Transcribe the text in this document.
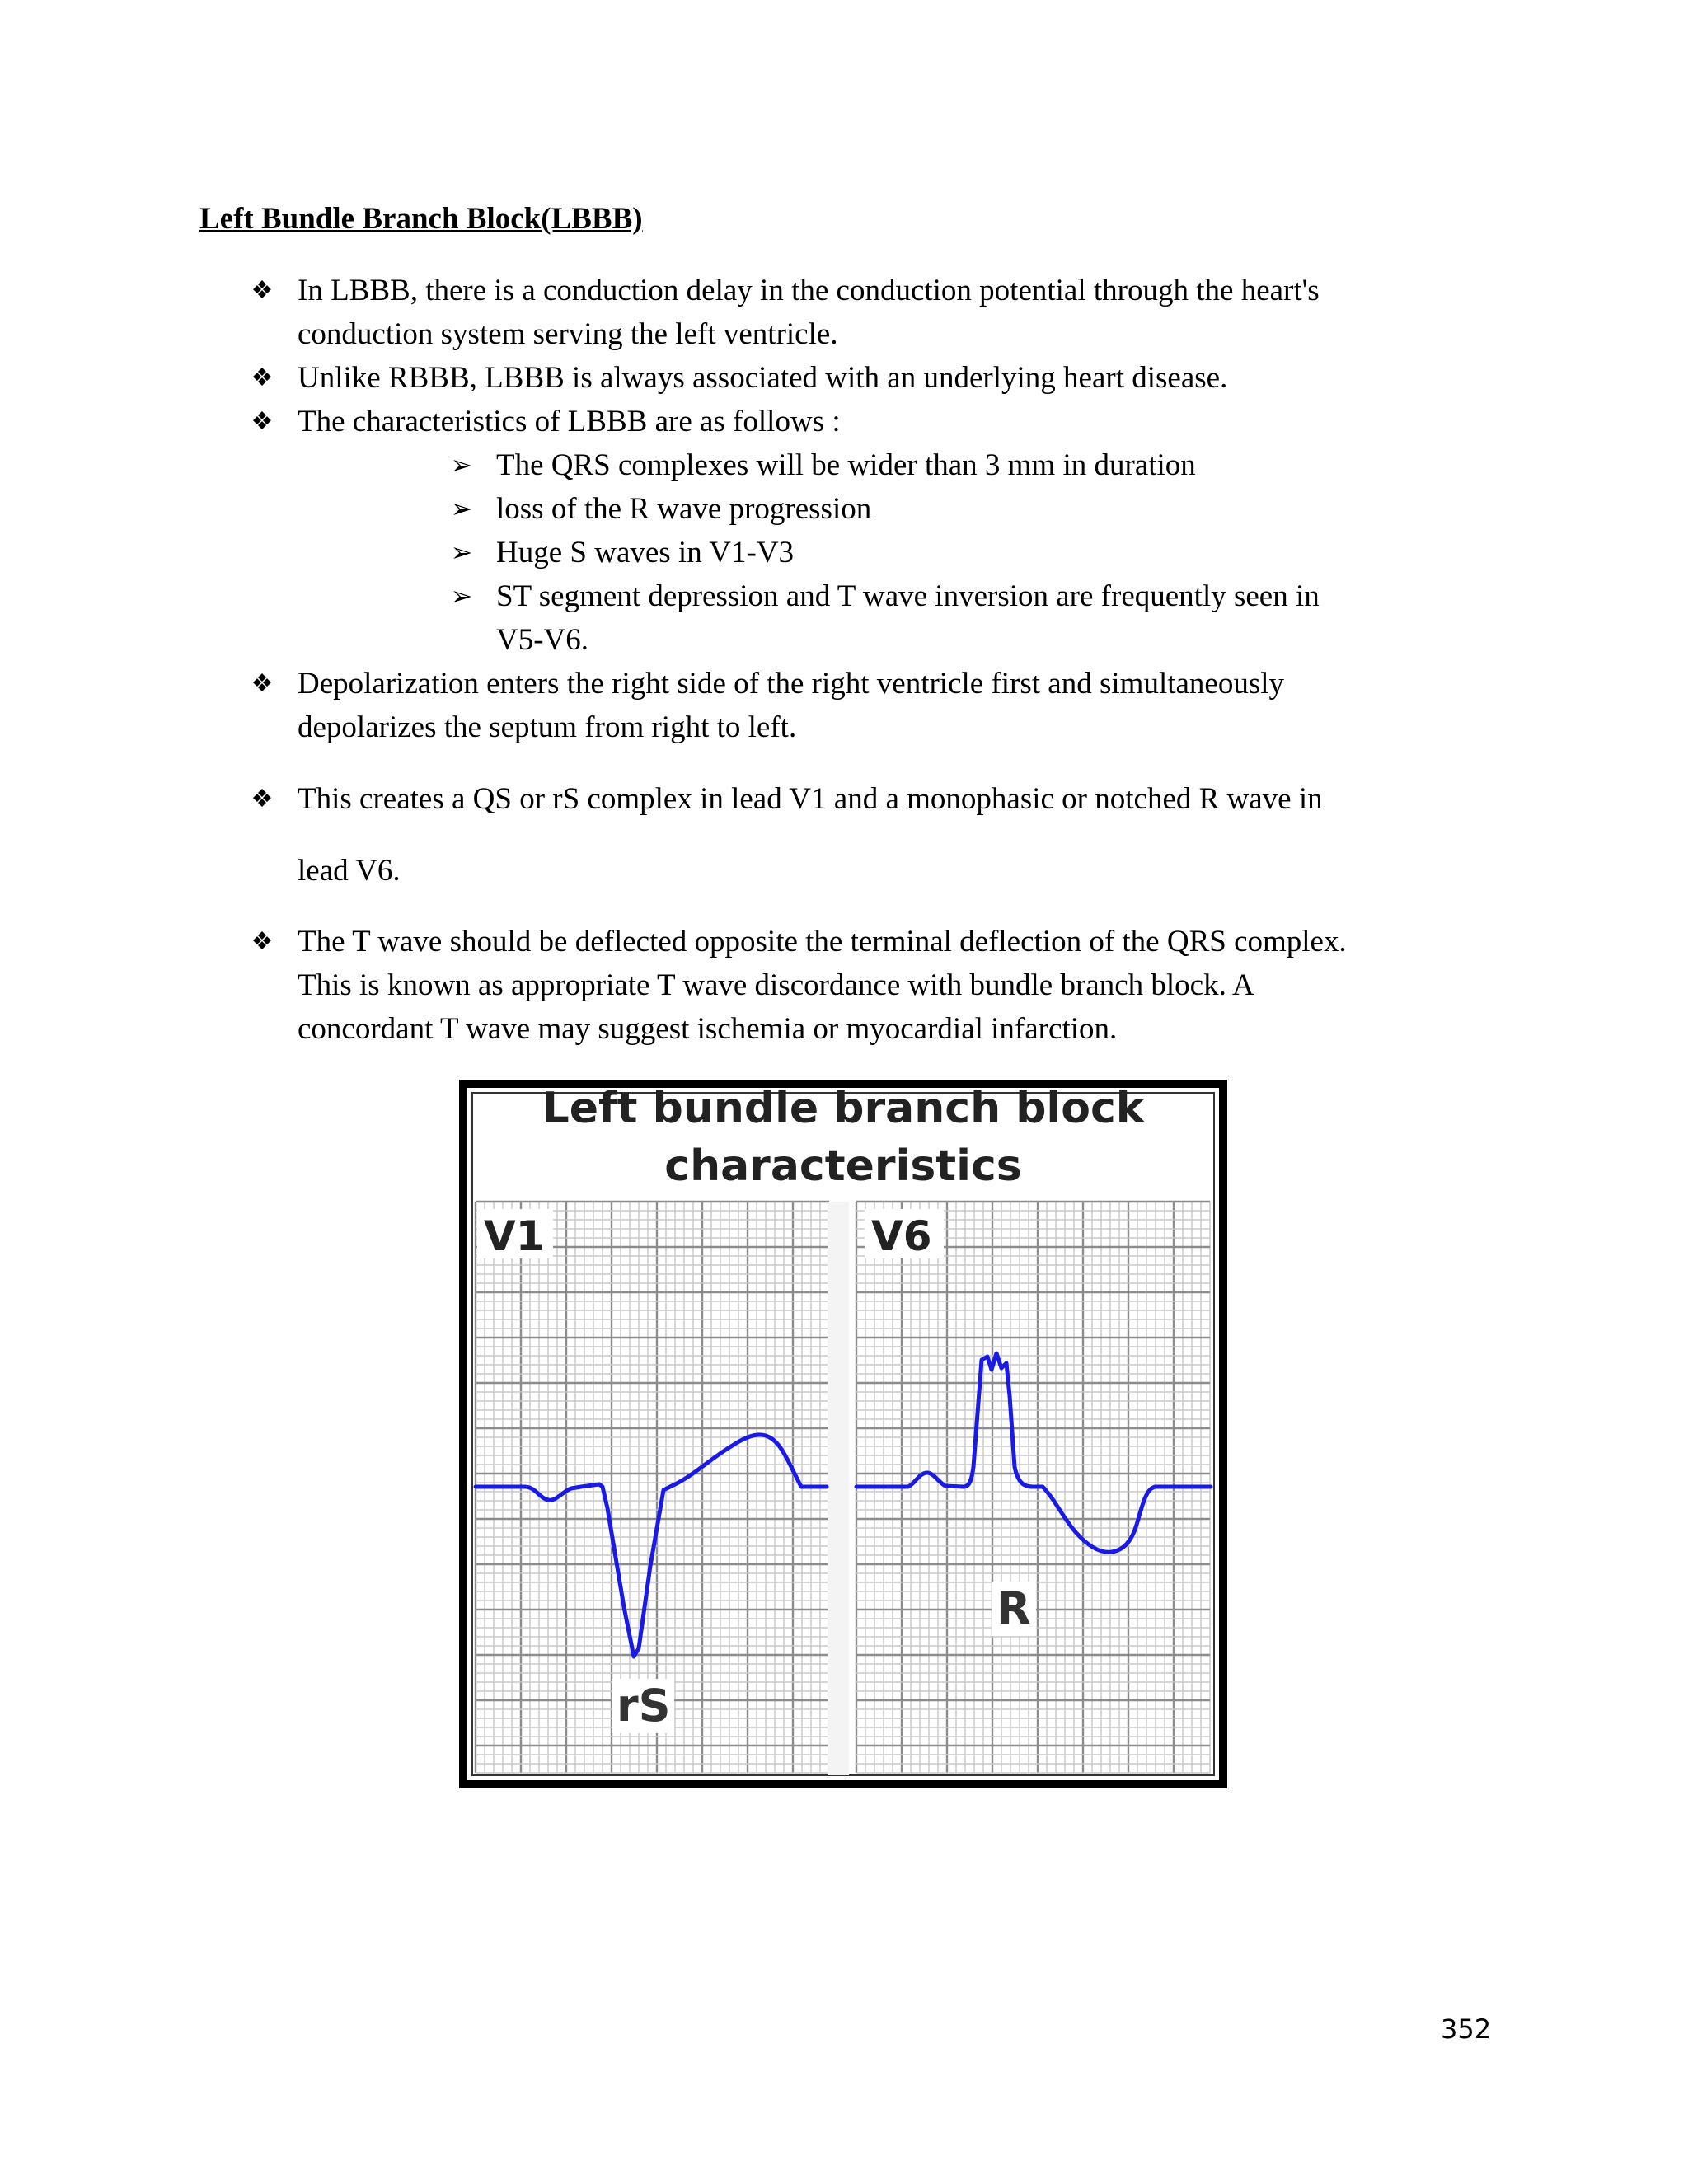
Left Bundle Branch Block(LBBB)
❖ In LBBB, there is a conduction delay in the conduction potential through the heart's
conduction system serving the left ventricle.
❖ Unlike RBBB, LBBB is always associated with an underlying heart disease.
❖ The characteristics of LBBB are as follows :
➢ The QRS complexes will be wider than 3 mm in duration
➢ loss of the R wave progression
➢ Huge S waves in V1-V3
➢ ST segment depression and T wave inversion are frequently seen in
V5-V6.
❖ Depolarization enters the right side of the right ventricle first and simultaneously
depolarizes the septum from right to left.
❖ This creates a QS or rS complex in lead V1 and a monophasic or notched R wave in
lead V6.
❖ The T wave should be deflected opposite the terminal deflection of the QRS complex.
This is known as appropriate T wave discordance with bundle branch block. A
concordant T wave may suggest ischemia or myocardial infarction.
Left bundle branch block
characteristics
V1	V6
rS
R
352
